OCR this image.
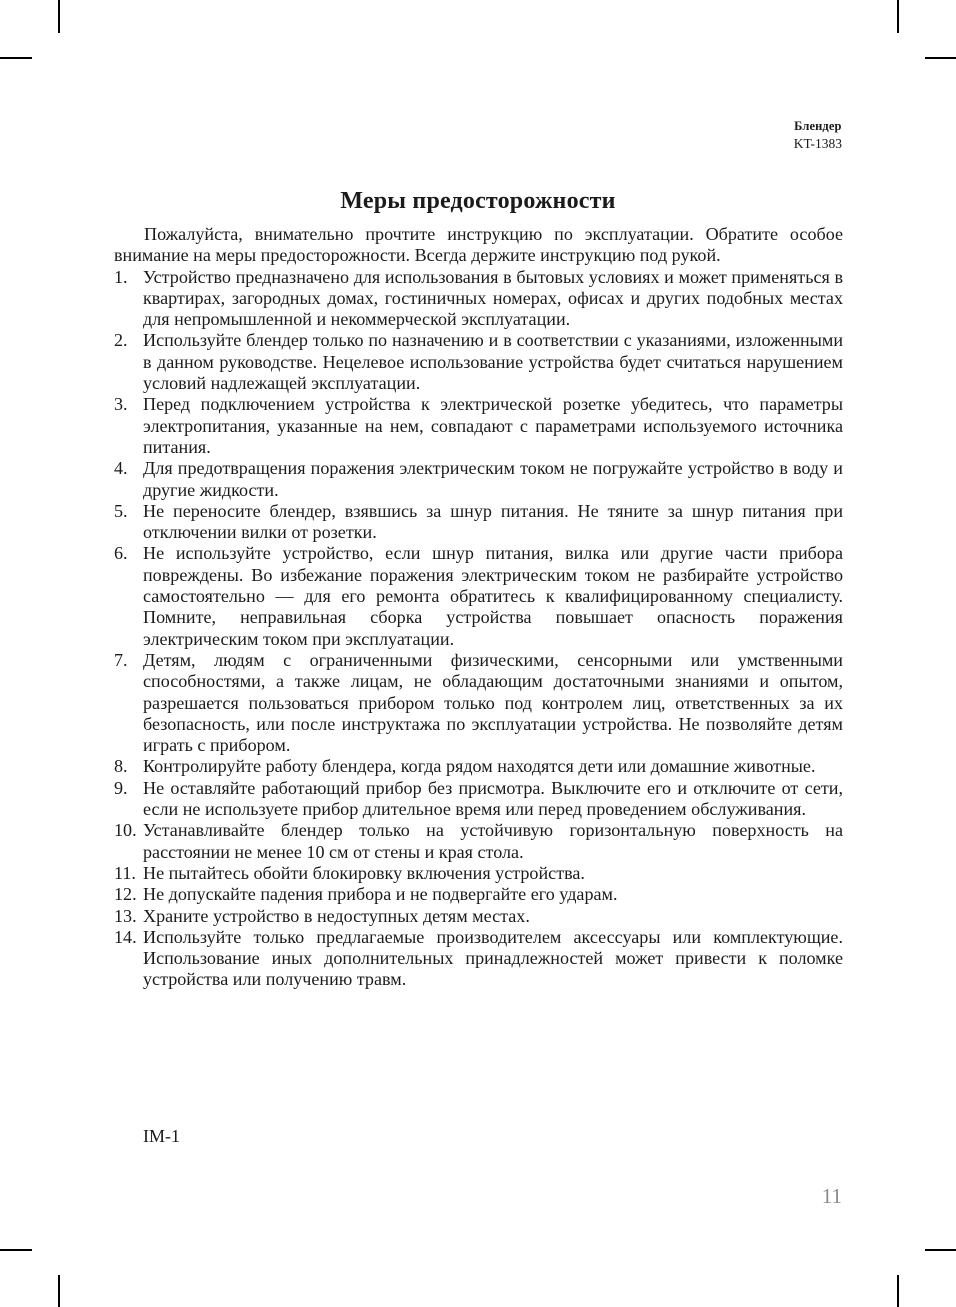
Блендер
KT-1383
Меры предосторожности

Пожалуйста, внимательно прочтите инструкцию по эксплуатации. Обратите особое внимание на меры предосторожности. Всегда держите инструкцию под рукой.

1. Устройство предназначено для использования в бытовых условиях и может применяться в квартирах, загородных домах, гостиничных номерах, офисах и других подобных местах для непромышленной и некоммерческой эксплуатации.
2. Используйте блендер только по назначению и в соответствии с указаниями, изложенными в данном руководстве. Нецелевое использование устройства будет считаться нарушением условий надлежащей эксплуатации.
3. Перед подключением устройства к электрической розетке убедитесь, что параметры электропитания, указанные на нем, совпадают с параметрами используемого источника питания.
4. Для предотвращения поражения электрическим током не погружайте устройство в воду и другие жидкости.
5. Не переносите блендер, взявшись за шнур питания. Не тяните за шнур питания при отключении вилки от розетки.
6. Не используйте устройство, если шнур питания, вилка или другие части прибора повреждены. Во избежание поражения электрическим током не разбирайте устройство самостоятельно — для его ремонта обратитесь к квалифицированному специалисту. Помните, неправильная сборка устройства повышает опасность поражения электрическим током при эксплуатации.
7. Детям, людям с ограниченными физическими, сенсорными или умственными способностями, а также лицам, не обладающим достаточными знаниями и опытом, разрешается пользоваться прибором только под контролем лиц, ответственных за их безопасность, или после инструктажа по эксплуатации устройства. Не позволяйте детям играть с прибором.
8. Контролируйте работу блендера, когда рядом находятся дети или домашние животные.
9. Не оставляйте работающий прибор без присмотра. Выключите его и отключите от сети, если не используете прибор длительное время или перед проведением обслуживания.
10. Устанавливайте блендер только на устойчивую горизонтальную поверхность на расстоянии не менее 10 см от стены и края стола.
11. Не пытайтесь обойти блокировку включения устройства.
12. Не допускайте падения прибора и не подвергайте его ударам.
13. Храните устройство в недоступных детям местах.
14. Используйте только предлагаемые производителем аксессуары или комплектующие. Использование иных дополнительных принадлежностей может привести к поломке устройства или получению травм.
IM-1
11
